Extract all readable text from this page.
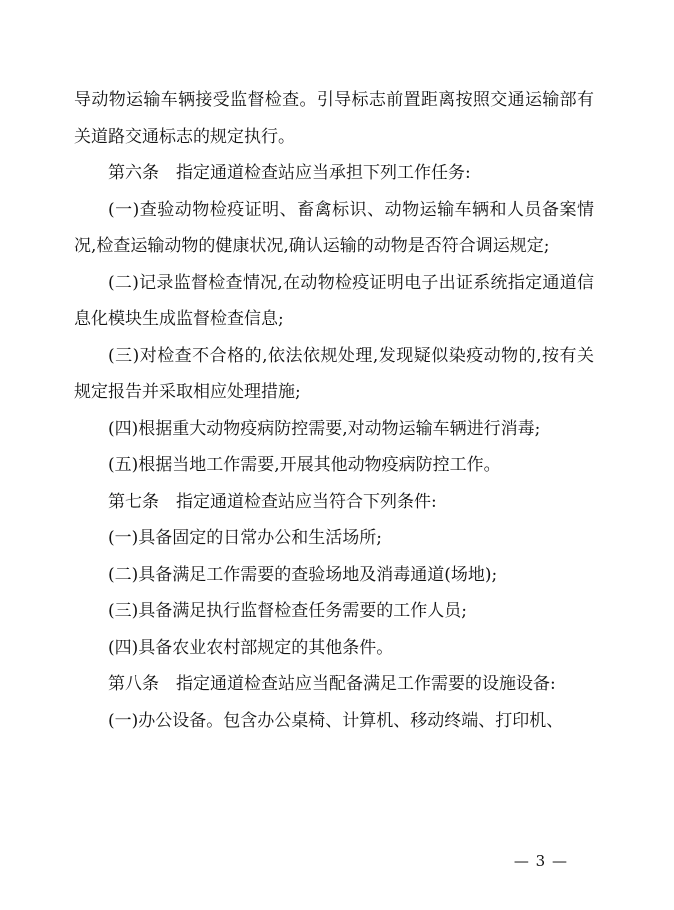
导动物运输车辆接受监督检查。引导标志前置距离按照交通运输部有关道路交通标志的规定执行。

第六条　指定通道检查站应当承担下列工作任务:

(一)查验动物检疫证明、畜禽标识、动物运输车辆和人员备案情况,检查运输动物的健康状况,确认运输的动物是否符合调运规定;

(二)记录监督检查情况,在动物检疫证明电子出证系统指定通道信息化模块生成监督检查信息;

(三)对检查不合格的,依法依规处理,发现疑似染疫动物的,按有关规定报告并采取相应处理措施;

(四)根据重大动物疫病防控需要,对动物运输车辆进行消毒;

(五)根据当地工作需要,开展其他动物疫病防控工作。

第七条　指定通道检查站应当符合下列条件:

(一)具备固定的日常办公和生活场所;

(二)具备满足工作需要的查验场地及消毒通道(场地);

(三)具备满足执行监督检查任务需要的工作人员;

(四)具备农业农村部规定的其他条件。

第八条　指定通道检查站应当配备满足工作需要的设施设备:

(一)办公设备。包含办公桌椅、计算机、移动终端、打印机、

— 3 —
